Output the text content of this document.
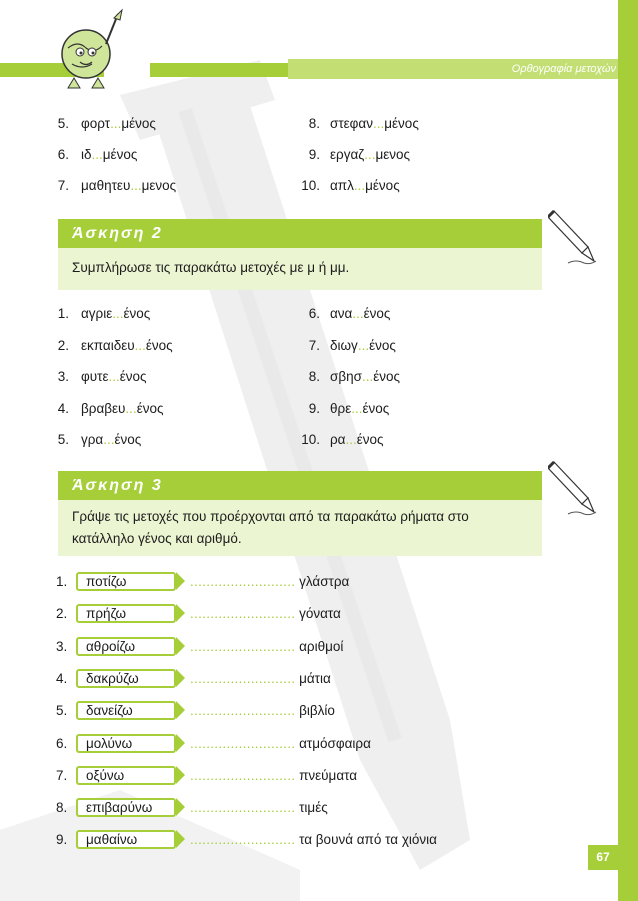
Ορθογραφία μετοχών
5. φορτ...μένος
6. ιδ...μένος
7. μαθητευ...μενος
8. στεφαν...μένος
9. εργαζ...μενος
10. απλ...μένος
Άσκηση 2
Συμπλήρωσε τις παρακάτω μετοχές με μ ή μμ.
1. αγριε...ένος
2. εκπαιδευ...ένος
3. φυτε...ένος
4. βραβευ...ένος
5. γρα...ένος
6. ανα...ένος
7. διωγ...ένος
8. σβησ...ένος
9. θρε...ένος
10. ρα...ένος
Άσκηση 3
Γράψε τις μετοχές που προέρχονται από τα παρακάτω ρήματα στο κατάλληλο γένος και αριθμό.
1.	ποτίζω	.......................... γλάστρα
2.	πρήζω	.......................... γόνατα
3.	αθροίζω	.......................... αριθμοί
4.	δακρύζω	.......................... μάτια
5.	δανείζω	.......................... βιβλίο
6.	μολύνω	.......................... ατμόσφαιρα
7.	οξύνω	.......................... πνεύματα
8.	επιβαρύνω	.......................... τιμές
9.	μαθαίνω	.......................... τα βουνά από τα χιόνια
67
